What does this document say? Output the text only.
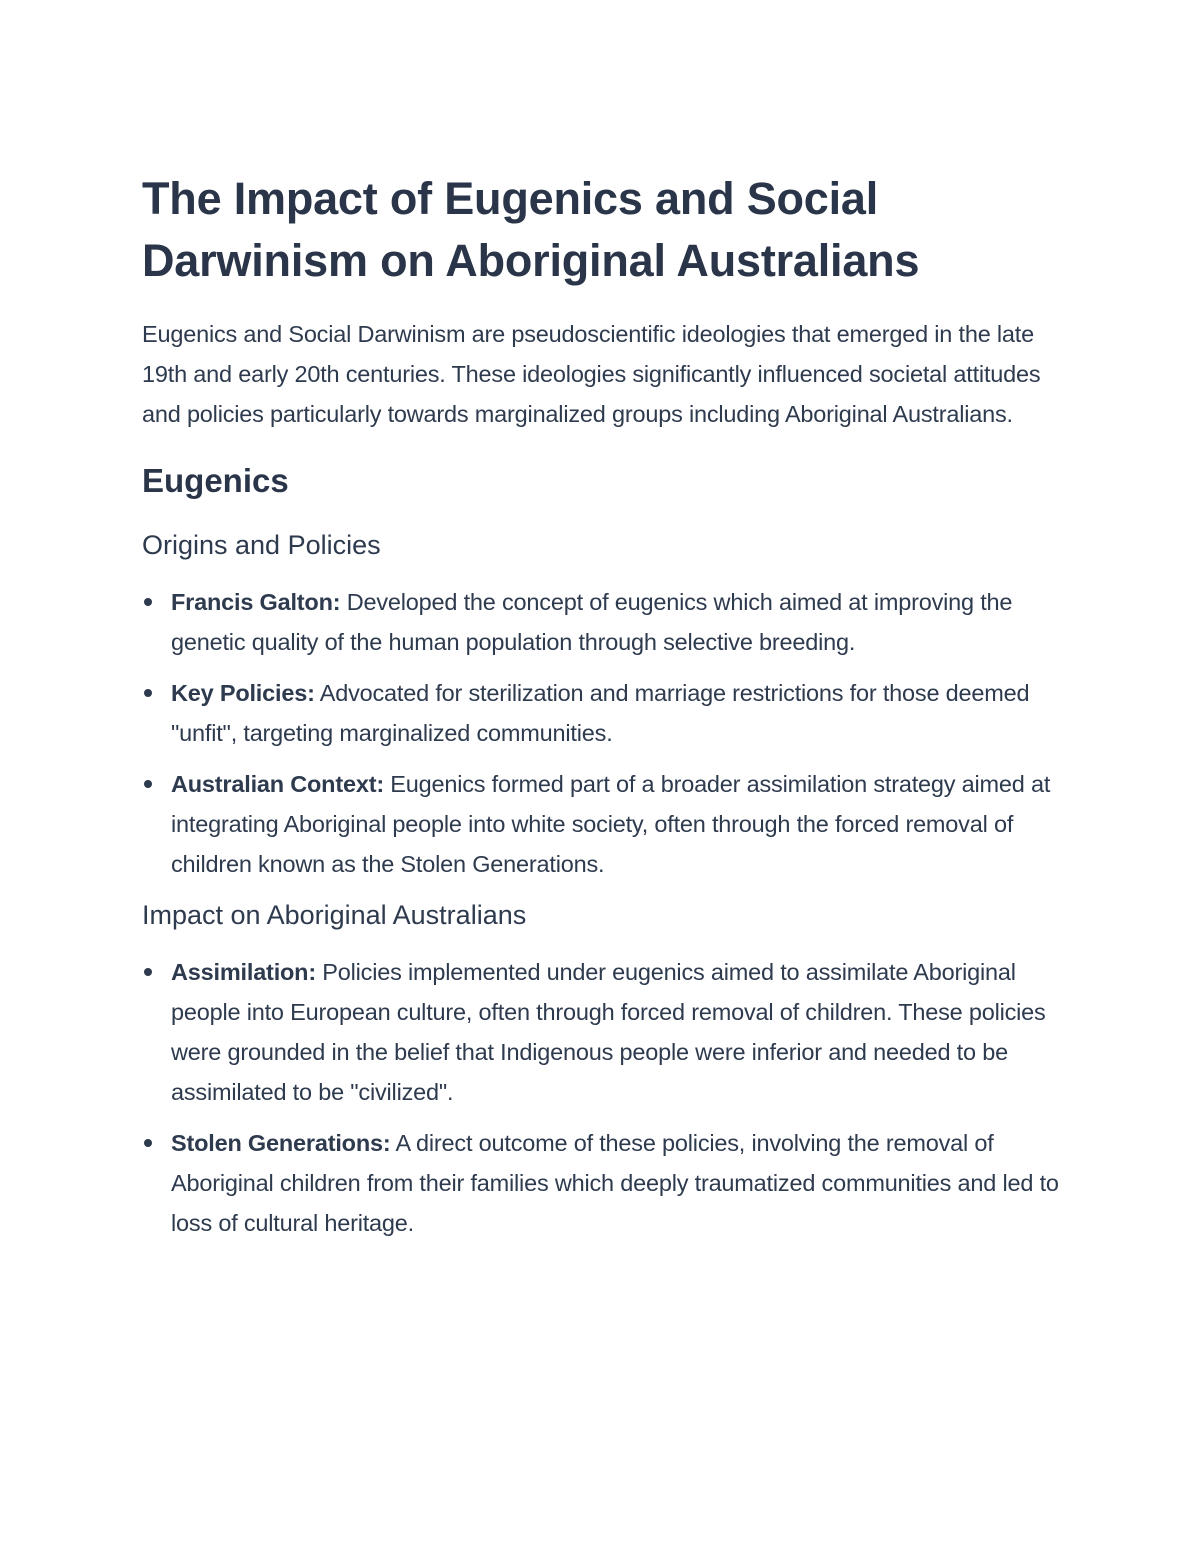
The Impact of Eugenics and Social Darwinism on Aboriginal Australians

Eugenics and Social Darwinism are pseudoscientific ideologies that emerged in the late 19th and early 20th centuries. These ideologies significantly influenced societal attitudes and policies particularly towards marginalized groups including Aboriginal Australians.

Eugenics
Origins and Policies
Francis Galton: Developed the concept of eugenics which aimed at improving the genetic quality of the human population through selective breeding.
Key Policies: Advocated for sterilization and marriage restrictions for those deemed "unfit", targeting marginalized communities.
Australian Context: Eugenics formed part of a broader assimilation strategy aimed at integrating Aboriginal people into white society, often through the forced removal of children known as the Stolen Generations.
Impact on Aboriginal Australians
Assimilation: Policies implemented under eugenics aimed to assimilate Aboriginal people into European culture, often through forced removal of children. These policies were grounded in the belief that Indigenous people were inferior and needed to be assimilated to be "civilized".
Stolen Generations: A direct outcome of these policies, involving the removal of Aboriginal children from their families which deeply traumatized communities and led to loss of cultural heritage.
